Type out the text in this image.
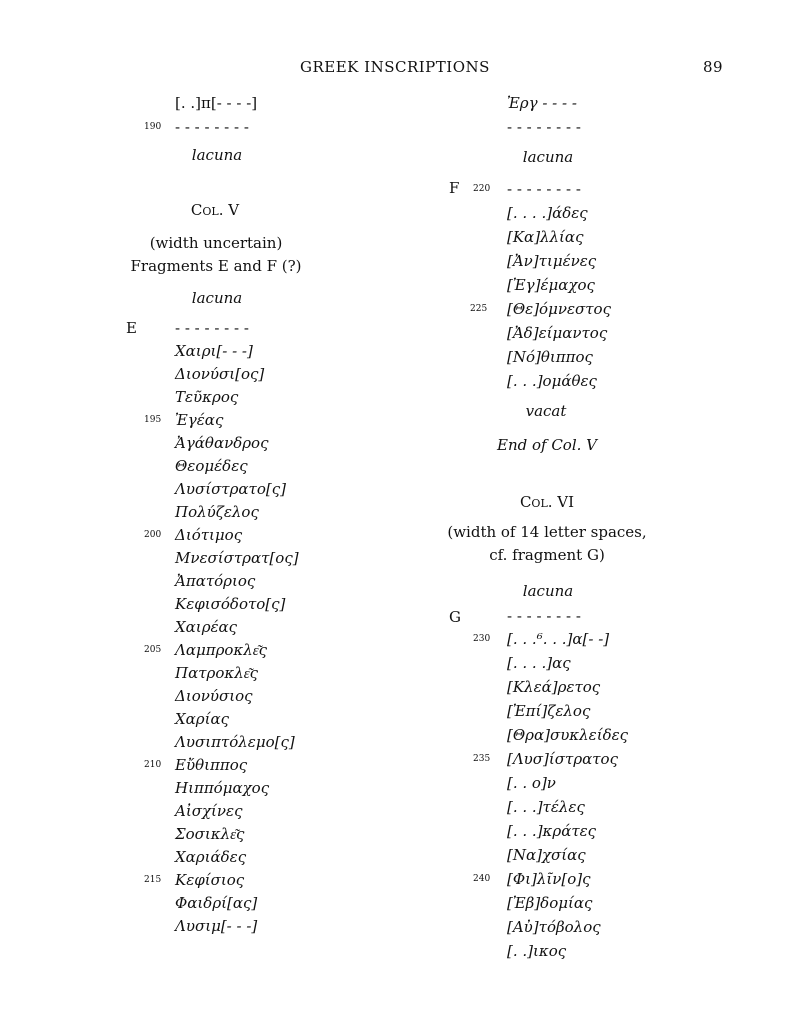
GREEK INSCRIPTIONS	89
[. .]π[- - - -]
190 - - - - - - - -
lacuna
Col. V
(width uncertain)
Fragments E and F (?)
lacuna
E	- - - - - - - -
Χαιρι[- - -]
Διονύσι[ος]
Τεῦκρος
195 Ἐγέας
Ἀγάθανδρος
Θεομέδες
Λυσίστρατο[ς]
Πολύζελος
200 Διότιμος
Μνεσίστρατ[ος]
Ἀπατόριος
Κεφισόδοτο[ς]
Χαιρέας
205 Λαμπροκλε͂ς
Πατροκλε͂ς
Διονύσιος
Χαρίας
Λυσιπτόλεμο[ς]
210 Εὔθιππος
Ηιππόμαχος
Αἰσχίνες
Σοσικλε͂ς
Χαριάδες
215 Κεφίσιος
Φαιδρί[ας]
Λυσιμ[- - -]
Ἐργ - - - -
- - - - - - - -
lacuna
F 220 - - - - - - - -
[. . . .]άδες
[Κα]λλίας
[Ἀν]τιμένες
[Ἐγ]έμαχος
225 [Θε]όμνεστος
[Ἀδ]είμαντος
[Νό]θιππος
[. . .]ομάθες
vacat
End of Col. V
Col. VI
(width of 14 letter spaces,
cf. fragment G)
lacuna
G	- - - - - - - -
230 [. . .⁶. . .]α[- -]
[. . . .]ας
[Κλεά]ρετος
[Ἐπί]ζελος
[Θρα]συκλείδες
235 [Λυσ]ίστρατος
[. . ο]ν
[. . .]τέλες
[. . .]κράτες
[Να]χσίας
240 [Φι]λῖν[ο]ς
[Ἐβ]δομίας
[Αὐ]τόβολος
[. .]ικος
